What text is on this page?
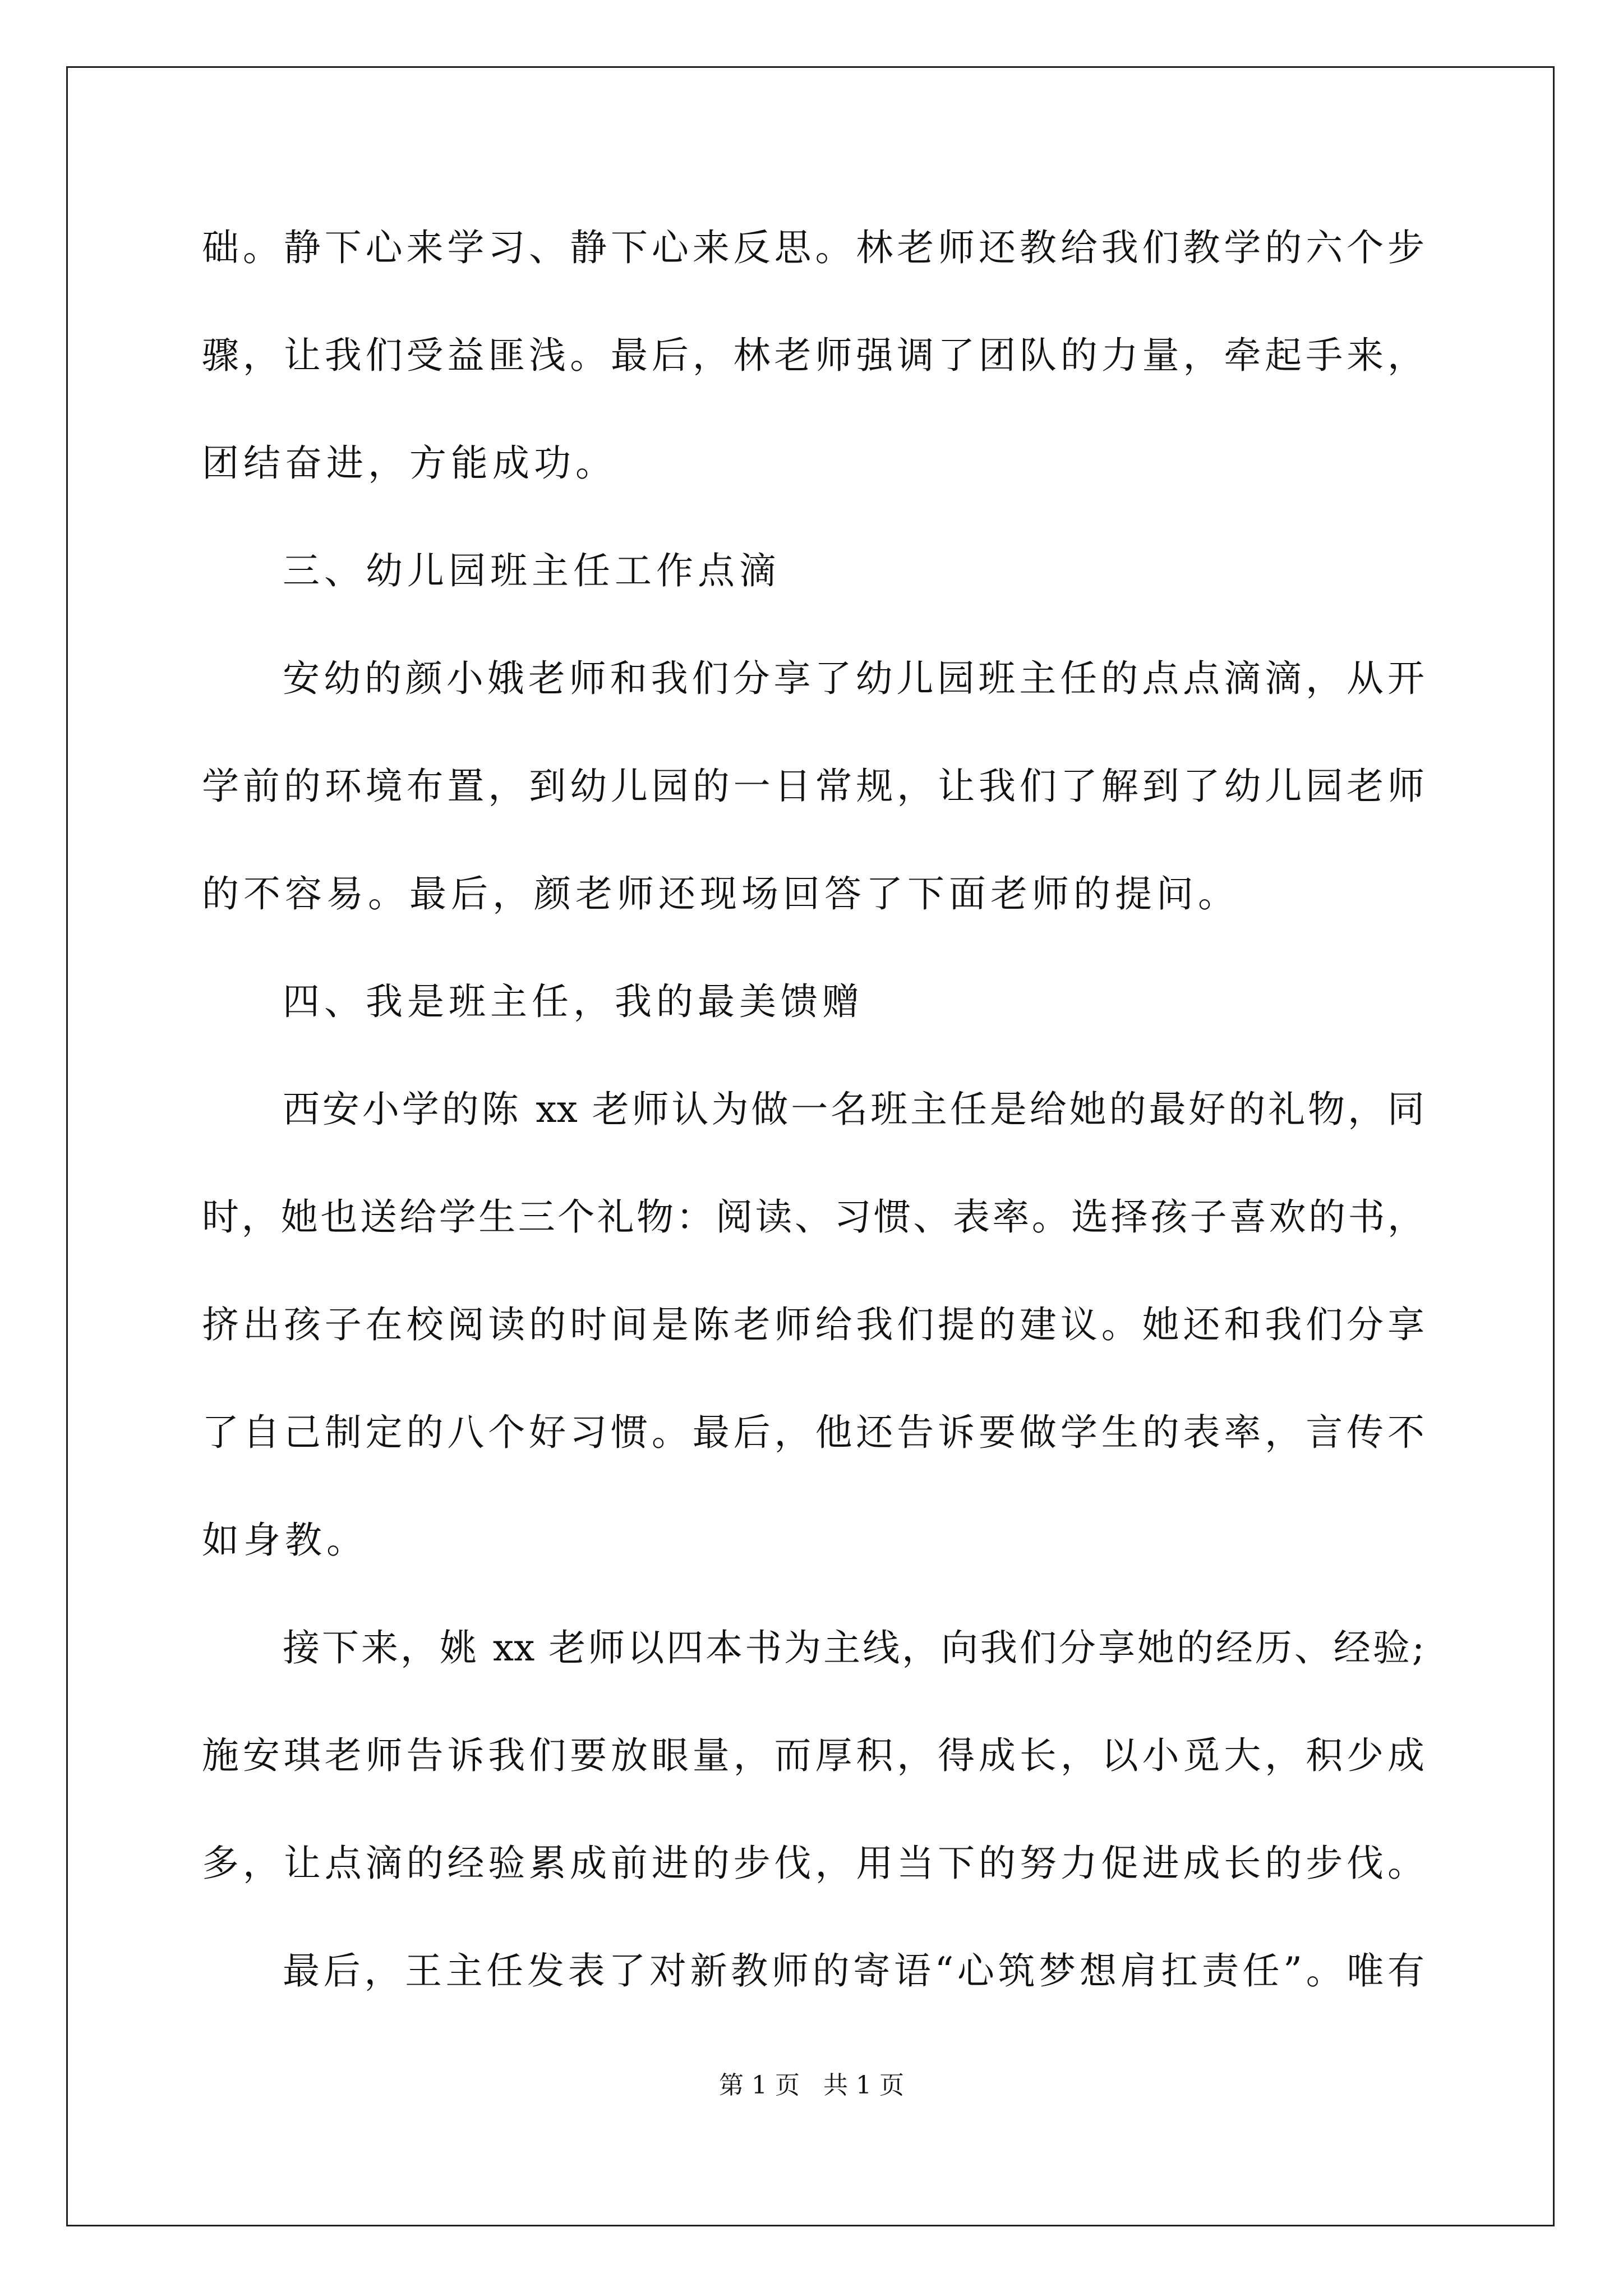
础。静下心来学习、静下心来反思。林老师还教给我们教学的六个步
骤，让我们受益匪浅。最后，林老师强调了团队的力量，牵起手来，
团结奋进，方能成功。
三、幼儿园班主任工作点滴
安幼的颜小娥老师和我们分享了幼儿园班主任的点点滴滴，从开
学前的环境布置，到幼儿园的一日常规，让我们了解到了幼儿园老师
的不容易。最后，颜老师还现场回答了下面老师的提问。
四、我是班主任，我的最美馈赠
西安小学的陈 xx 老师认为做一名班主任是给她的最好的礼物，同
时，她也送给学生三个礼物：阅读、习惯、表率。选择孩子喜欢的书，
挤出孩子在校阅读的时间是陈老师给我们提的建议。她还和我们分享
了自己制定的八个好习惯。最后，他还告诉要做学生的表率，言传不
如身教。
接下来，姚 xx 老师以四本书为主线，向我们分享她的经历、经验;
施安琪老师告诉我们要放眼量，而厚积，得成长，以小觅大，积少成
多，让点滴的经验累成前进的步伐，用当下的努力促进成长的步伐。
最后，王主任发表了对新教师的寄语“心筑梦想肩扛责任”。唯有
第 1 页   共 1 页
